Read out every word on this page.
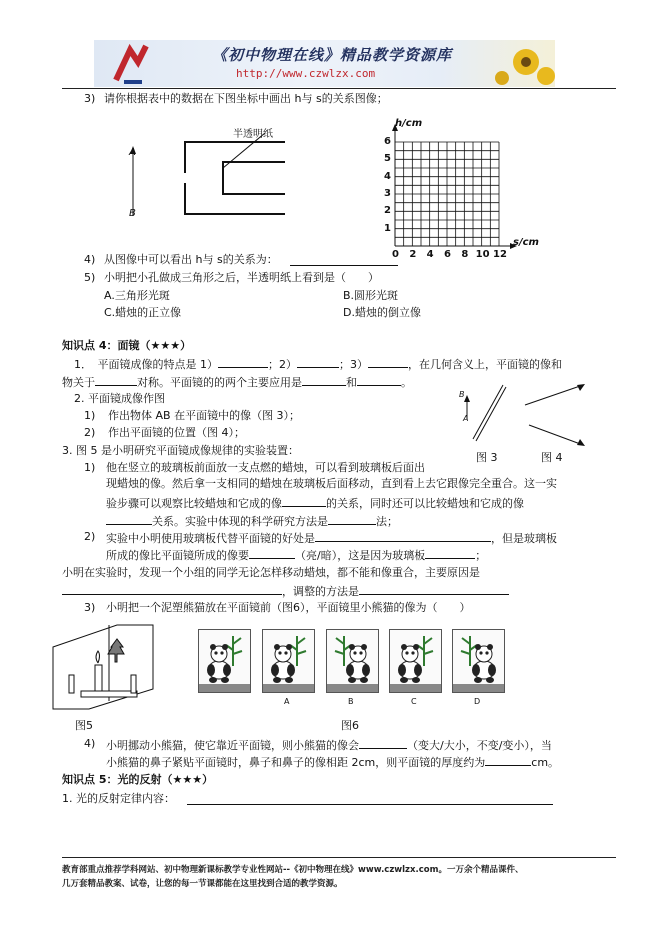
《初中物理在线》精品教学资源库
http://www.czwlzx.com
3) 请你根据表中的数据在下图坐标中画出 h与 s的关系图像；
半透明纸
A
B
h/cm
s/cm
0 2 4 6 8 10 12
1
2
3
4
5
6
4) 从图像中可以看出 h与 s的关系为：
5) 小明把小孔做成三角形之后，半透明纸上看到是（　　）
A.三角形光斑	B.圆形光斑
C.蜡烛的正立像	D.蜡烛的倒立像
知识点 4：面镜（★★★）
1．　平面镜成像的特点是 1）	；2）	；3）	，在几何含义上，平面镜的像和
物关于	对称。平面镜的的两个主要应用是	和	。
2. 平面镜成像作图
1) 作出物体 AB 在平面镜中的像（图 3）；
2) 作出平面镜的位置（图 4）；
B
A
图 3	图 4
3. 图 5 是小明研究平面镜成像规律的实验装置：
1) 他在竖立的玻璃板前面放一支点燃的蜡烛，可以看到玻璃板后面出
现蜡烛的像。然后拿一支相同的蜡烛在玻璃板后面移动，直到看上去它跟像完全重合。这一实
验步骤可以观察比较蜡烛和它成的像	的关系，同时还可以比较蜡烛和它成的像
关系。实验中体现的科学研究方法是	法；
2) 实验中小明使用玻璃板代替平面镜的好处是	，但是玻璃板
所成的像比平面镜所成的像要	（亮/暗），这是因为玻璃板	；
小明在实验时，发现一个小组的同学无论怎样移动蜡烛，都不能和像重合，主要原因是
，调整的方法是
3) 小明把一个泥塑熊猫放在平面镜前（图6），平面镜里小熊猫的像为（　　）
图5
A	B	C	D
图6
4) 小明挪动小熊猫，使它靠近平面镜，则小熊猫的像会	（变大/大小，不变/变小），当
小熊猫的鼻子紧贴平面镜时，鼻子和鼻子的像相距 2cm，则平面镜的厚度约为	cm。
知识点 5：光的反射（★★★）
1. 光的反射定律内容：
教育部重点推荐学科网站、初中物理新课标教学专业性网站--《初中物理在线》www.czwlzx.com。一万余个精品课件、
几万套精品教案、试卷，让您的每一节课都能在这里找到合适的教学资源。
